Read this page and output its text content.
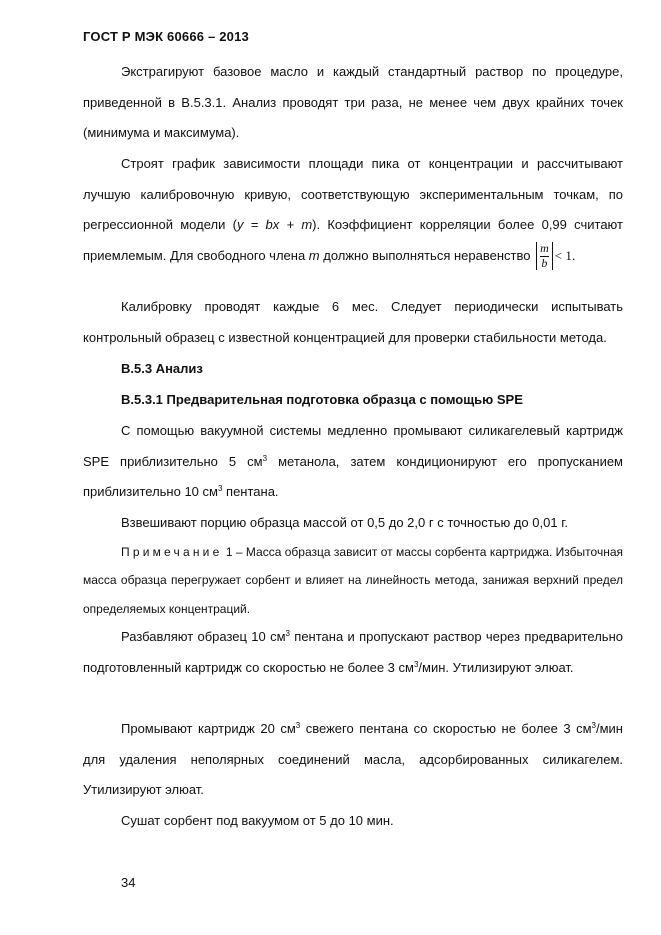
ГОСТ Р МЭК 60666 – 2013

Экстрагируют базовое масло и каждый стандартный раствор по процедуре, приведенной в B.5.3.1. Анализ проводят три раза, не менее чем двух крайних точек (минимума и максимума).

Строят график зависимости площади пика от концентрации и рассчитывают лучшую калибровочную кривую, соответствующую экспериментальным точкам, по регрессионной модели (y = bx + m). Коэффициент корреляции более 0,99 считают приемлемым. Для свободного члена m должно выполняться неравенство $\frac{m}{b} < 1$.

Калибровку проводят каждые 6 мес. Следует периодически испытывать контрольный образец с известной концентрацией для проверки стабильности метода.

B.5.3 Анализ
B.5.3.1 Предварительная подготовка образца с помощью SPE

С помощью вакуумной системы медленно промывают силикагелевый картридж SPE приблизительно 5 $см^3$ метанола, затем кондиционируют его пропусканием приблизительно 10 $см^3$ пентана.

Взвешивают порцию образца массой от 0,5 до 2,0 г с точностью до 0,01 г.

Примечание 1 – Масса образца зависит от массы сорбента картриджа. Избыточная масса образца перегружает сорбент и влияет на линейность метода, занижая верхний предел определяемых концентраций.

Разбавляют образец 10 $см^3$ пентана и пропускают раствор через предварительно подготовленный картридж со скоростью не более 3 $см^3$/мин. Утилизируют элюат.

Промывают картридж 20 $см^3$ свежего пентана со скоростью не более 3 $см^3$/мин для удаления неполярных соединений масла, адсорбированных силикагелем. Утилизируют элюат.

Сушат сорбент под вакуумом от 5 до 10 мин.

34
